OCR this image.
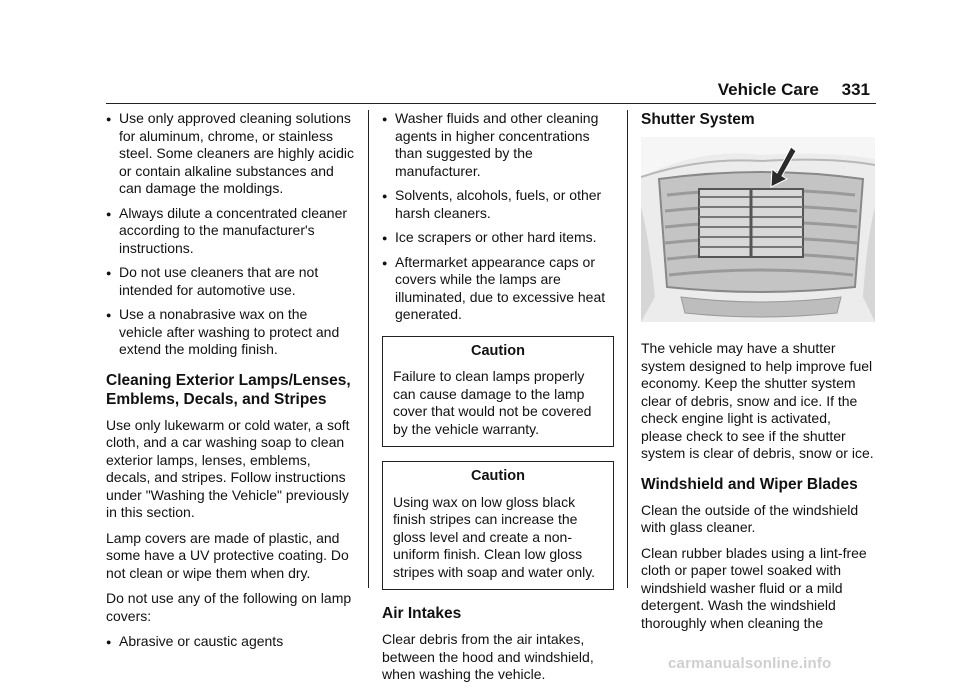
Vehicle Care 331
● Use only approved cleaning solutions for aluminum, chrome, or stainless steel. Some cleaners are highly acidic or contain alkaline substances and can damage the moldings.
● Always dilute a concentrated cleaner according to the manufacturer's instructions.
● Do not use cleaners that are not intended for automotive use.
● Use a nonabrasive wax on the vehicle after washing to protect and extend the molding finish.
Cleaning Exterior Lamps/Lenses, Emblems, Decals, and Stripes

Use only lukewarm or cold water, a soft cloth, and a car washing soap to clean exterior lamps, lenses, emblems, decals, and stripes. Follow instructions under "Washing the Vehicle" previously in this section.

Lamp covers are made of plastic, and some have a UV protective coating. Do not clean or wipe them when dry.

Do not use any of the following on lamp covers:

● Abrasive or caustic agents
● Washer fluids and other cleaning agents in higher concentrations than suggested by the manufacturer.
● Solvents, alcohols, fuels, or other harsh cleaners.
● Ice scrapers or other hard items.
● Aftermarket appearance caps or covers while the lamps are illuminated, due to excessive heat generated.
Caution

Failure to clean lamps properly can cause damage to the lamp cover that would not be covered by the vehicle warranty.

Caution

Using wax on low gloss black finish stripes can increase the gloss level and create a non-uniform finish. Clean low gloss stripes with soap and water only.

Air Intakes

Clear debris from the air intakes, between the hood and windshield, when washing the vehicle.

Shutter System

The vehicle may have a shutter system designed to help improve fuel economy. Keep the shutter system clear of debris, snow and ice. If the check engine light is activated, please check to see if the shutter system is clear of debris, snow or ice.

Windshield and Wiper Blades

Clean the outside of the windshield with glass cleaner.

Clean rubber blades using a lint-free cloth or paper towel soaked with windshield washer fluid or a mild detergent. Wash the windshield thoroughly when cleaning the

carmanualsonline.info
